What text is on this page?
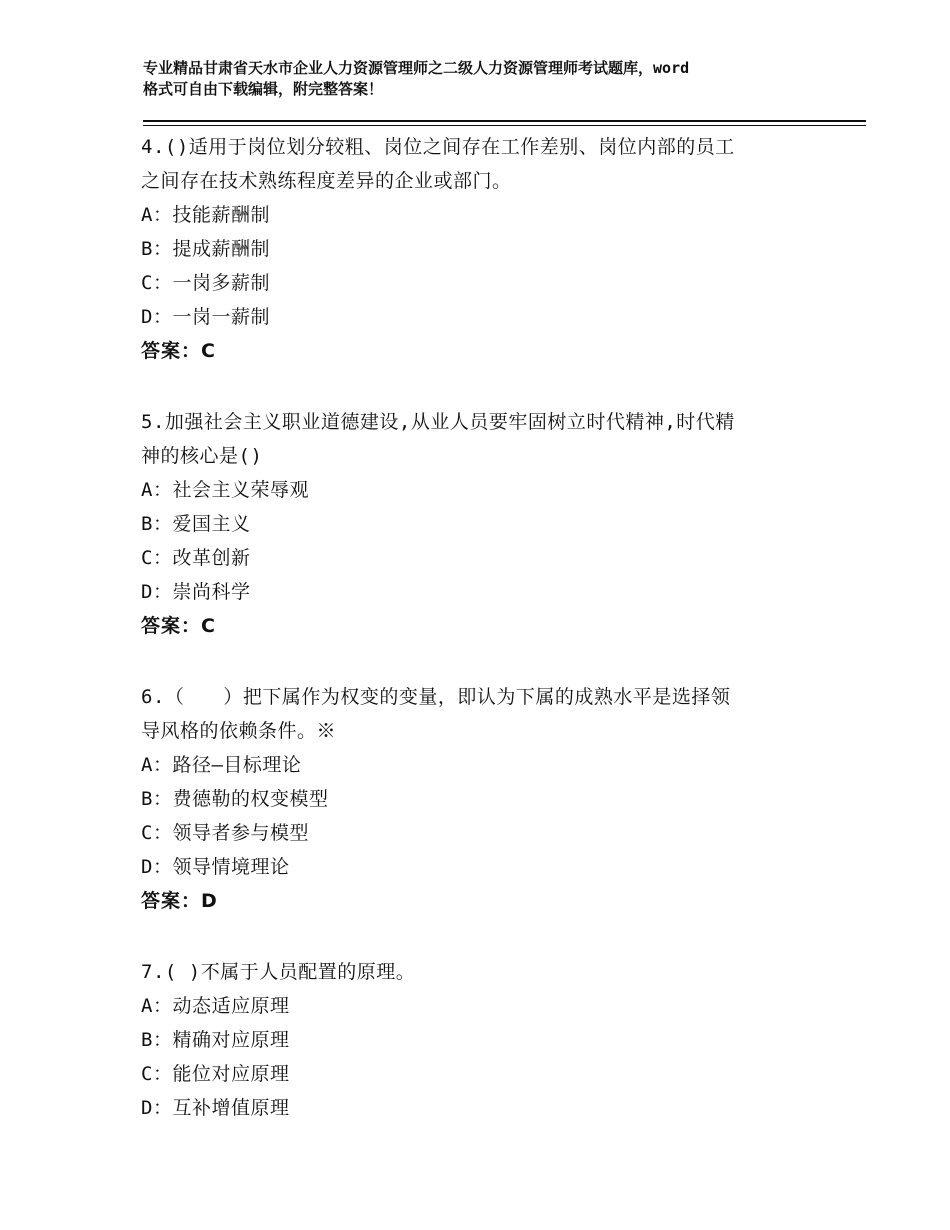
专业精品甘肃省天水市企业人力资源管理师之二级人力资源管理师考试题库，word
格式可自由下载编辑，附完整答案！
4.()适用于岗位划分较粗、岗位之间存在工作差别、岗位内部的员工
之间存在技术熟练程度差异的企业或部门。
A：技能薪酬制
B：提成薪酬制
C：一岗多薪制
D：一岗一薪制
答案：C
5.加强社会主义职业道德建设,从业人员要牢固树立时代精神,时代精
神的核心是()
A：社会主义荣辱观
B：爱国主义
C：改革创新
D：崇尚科学
答案：C
6.（　　）把下属作为权变的变量，即认为下属的成熟水平是选择领
导风格的依赖条件。※
A：路径—目标理论
B：费德勒的权变模型
C：领导者参与模型
D：领导情境理论
答案：D
7.( )不属于人员配置的原理。
A：动态适应原理
B：精确对应原理
C：能位对应原理
D：互补增值原理
